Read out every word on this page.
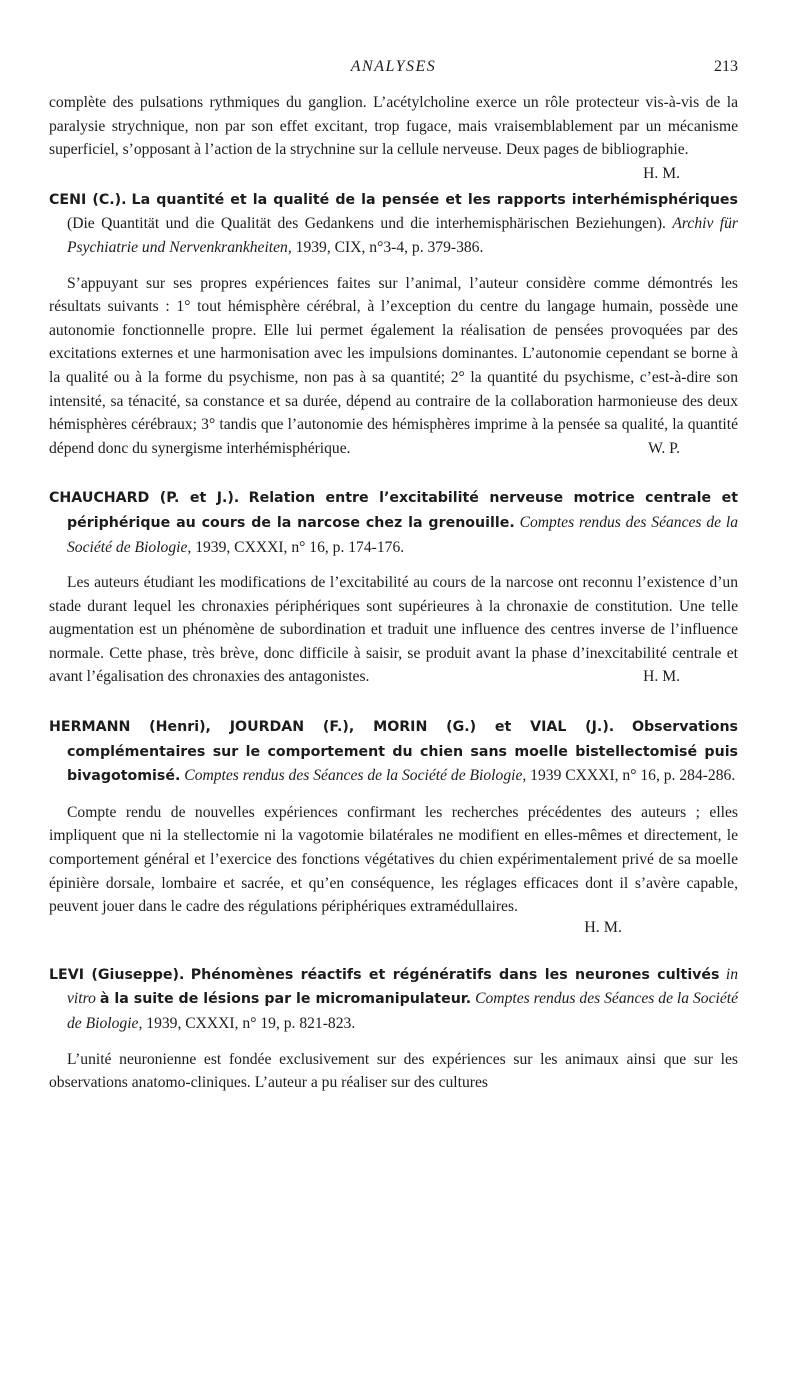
ANALYSES	213

complète des pulsations rythmiques du ganglion. L’acétylcholine exerce un rôle protecteur vis-à-vis de la paralysie strychnique, non par son effet excitant, trop fugace, mais vraisemblablement par un mécanisme superficiel, s’opposant à l’action de la strychnine sur la cellule nerveuse. Deux pages de bibliographie.
H. M.

CENI (C.). La quantité et la qualité de la pensée et les rapports interhémisphériques (Die Quantität und die Qualität des Gedankens und die interhemisphärischen Beziehungen). Archiv für Psychiatrie und Nervenkrankheiten, 1939, CIX, n°3-4, p. 379-386.

S’appuyant sur ses propres expériences faites sur l’animal, l’auteur considère comme démontrés les résultats suivants : 1° tout hémisphère cérébral, à l’exception du centre du langage humain, possède une autonomie fonctionnelle propre. Elle lui permet également la réalisation de pensées provoquées par des excitations externes et une harmonisation avec les impulsions dominantes. L’autonomie cependant se borne à la qualité ou à la forme du psychisme, non pas à sa quantité; 2° la quantité du psychisme, c’est-à-dire son intensité, sa ténacité, sa constance et sa durée, dépend au contraire de la collaboration harmonieuse des deux hémisphères cérébraux; 3° tandis que l’autonomie des hémisphères imprime à la pensée sa qualité, la quantité dépend donc du synergisme interhémisphérique.	W. P.

CHAUCHARD (P. et J.). Relation entre l’excitabilité nerveuse motrice centrale et périphérique au cours de la narcose chez la grenouille. Comptes rendus des Séances de la Société de Biologie, 1939, CXXXI, n° 16, p. 174-176.

Les auteurs étudiant les modifications de l’excitabilité au cours de la narcose ont reconnu l’existence d’un stade durant lequel les chronaxies périphériques sont supérieures à la chronaxie de constitution. Une telle augmentation est un phénomène de subordination et traduit une influence des centres inverse de l’influence normale. Cette phase, très brève, donc difficile à saisir, se produit avant la phase d’inexcitabilité centrale et avant l’égalisation des chronaxies des antagonistes.	H. M.

HERMANN (Henri), JOURDAN (F.), MORIN (G.) et VIAL (J.). Observations complémentaires sur le comportement du chien sans moelle bistellectomisé puis bivagotomisé. Comptes rendus des Séances de la Société de Biologie, 1939 CXXXI, n° 16, p. 284-286.

Compte rendu de nouvelles expériences confirmant les recherches précédentes des auteurs ; elles impliquent que ni la stellectomie ni la vagotomie bilatérales ne modifient en elles-mêmes et directement, le comportement général et l’exercice des fonctions végétatives du chien expérimentalement privé de sa moelle épinière dorsale, lombaire et sacrée, et qu’en conséquence, les réglages efficaces dont il s’avère capable, peuvent jouer dans le cadre des régulations périphériques extramédullaires.

H. M.
LEVI (Giuseppe). Phénomènes réactifs et régénératifs dans les neurones cultivés in vitro à la suite de lésions par le micromanipulateur. Comptes rendus des Séances de la Société de Biologie, 1939, CXXXI, n° 19, p. 821-823.

L’unité neuronienne est fondée exclusivement sur des expériences sur les animaux ainsi que sur les observations anatomo-cliniques. L’auteur a pu réaliser sur des cultures
